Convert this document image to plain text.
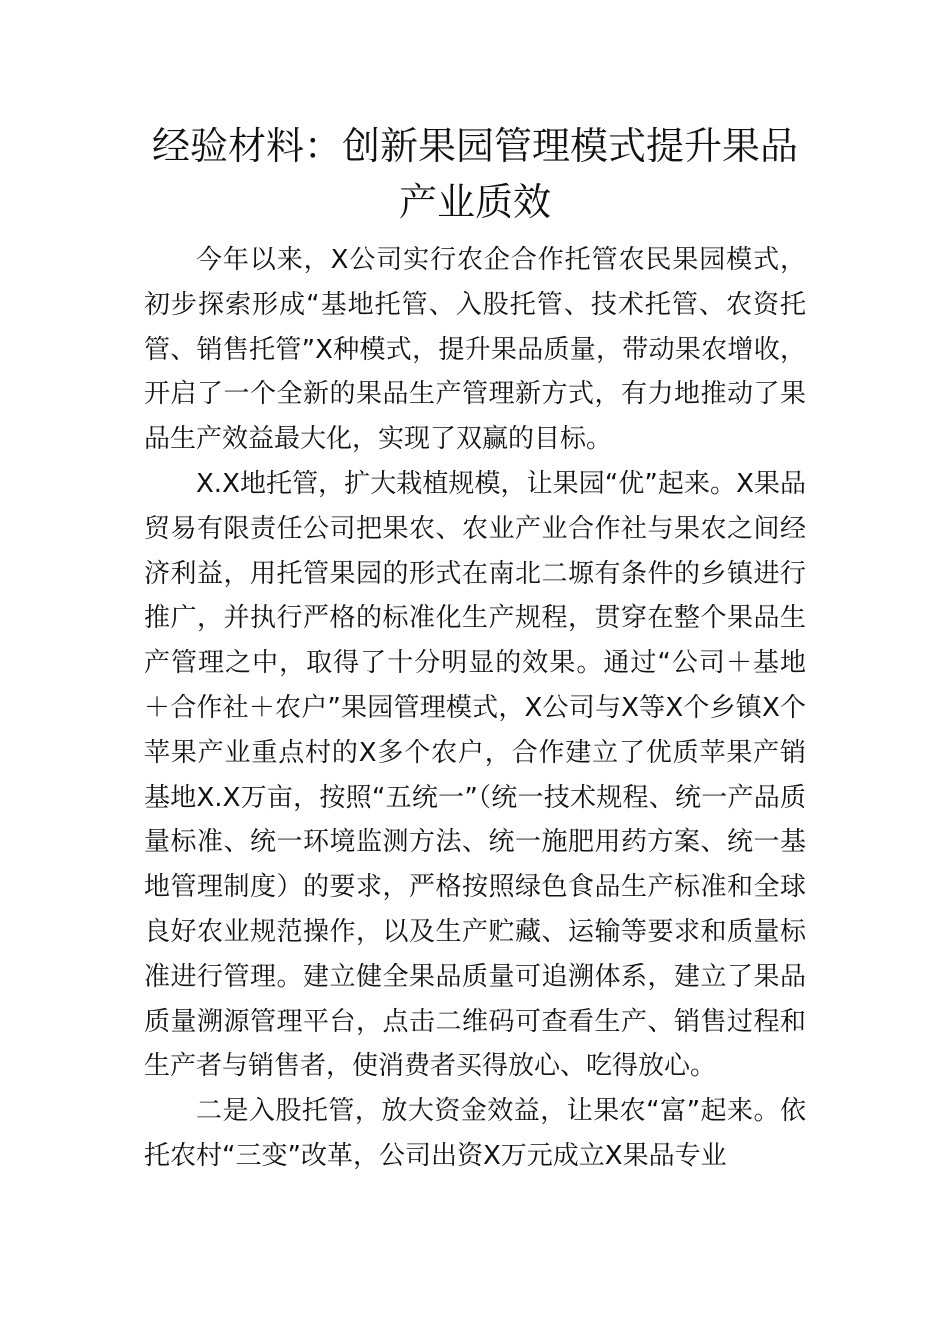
经验材料：创新果园管理模式提升果品产业质效

今年以来，X公司实行农企合作托管农民果园模式，初步探索形成“基地托管、入股托管、技术托管、农资托管、销售托管”X种模式，提升果品质量，带动果农增收，开启了一个全新的果品生产管理新方式，有力地推动了果品生产效益最大化，实现了双赢的目标。

X.X地托管，扩大栽植规模，让果园“优”起来。X果品贸易有限责任公司把果农、农业产业合作社与果农之间经济利益，用托管果园的形式在南北二塬有条件的乡镇进行推广，并执行严格的标准化生产规程，贯穿在整个果品生产管理之中，取得了十分明显的效果。通过“公司＋基地＋合作社＋农户”果园管理模式，X公司与X等X个乡镇X个苹果产业重点村的X多个农户，合作建立了优质苹果产销基地X.X万亩，按照“五统一”（统一技术规程、统一产品质量标准、统一环境监测方法、统一施肥用药方案、统一基地管理制度）的要求，严格按照绿色食品生产标准和全球良好农业规范操作，以及生产贮藏、运输等要求和质量标准进行管理。建立健全果品质量可追溯体系，建立了果品质量溯源管理平台，点击二维码可查看生产、销售过程和生产者与销售者，使消费者买得放心、吃得放心。

二是入股托管，放大资金效益，让果农“富”起来。依托农村“三变”改革，公司出资X万元成立X果品专业
